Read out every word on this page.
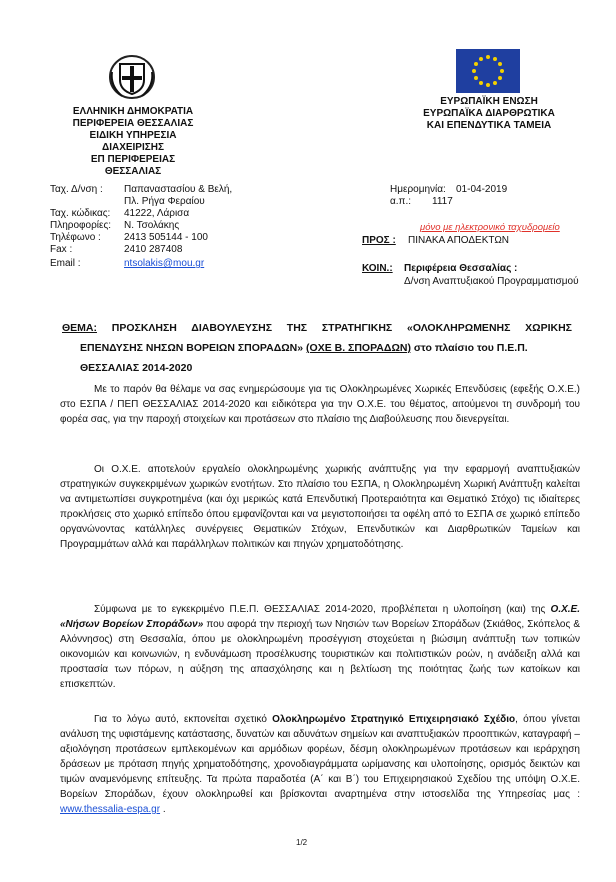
ΕΛΛΗΝΙΚΗ ΔΗΜΟΚΡΑΤΙΑ
ΠΕΡΙΦΕΡΕΙΑ ΘΕΣΣΑΛΙΑΣ
ΕΙΔΙΚΗ ΥΠΗΡΕΣΙΑ ΔΙΑΧΕΙΡΙΣΗΣ
ΕΠ ΠΕΡΙΦΕΡΕΙΑΣ ΘΕΣΣΑΛΙΑΣ
ΕΥΡΩΠΑΪΚΗ ΕΝΩΣΗ
ΕΥΡΩΠΑΪΚΑ ΔΙΑΡΘΡΩΤΙΚΑ
ΚΑΙ ΕΠΕΝΔΥΤΙΚΑ ΤΑΜΕΙΑ
Ταχ. Δ/νση : Παπαναστασίου & Βελή,
Πλ. Ρήγα Φεραίου
Ταχ. κώδικας: 41222, Λάρισα
Πληροφορίες: Ν. Τσολάκης
Τηλέφωνο : 2413 505144 - 100
Fax :	2410 287408
Email :	ntsolakis@mou.gr
Ημερομηνία: 01-04-2019
α.π.: 1117
μόνο με ηλεκτρονικό ταχυδρομείο
ΠΡΟΣ : ΠΙΝΑΚΑ ΑΠΟΔΕΚΤΩΝ
ΚΟΙΝ.: Περιφέρεια Θεσσαλίας :
Δ/νση Αναπτυξιακού Προγραμματισμού
ΘΕΜΑ: ΠΡΟΣΚΛΗΣΗ ΔΙΑΒΟΥΛΕΥΣΗΣ ΤΗΣ ΣΤΡΑΤΗΓΙΚΗΣ «ΟΛΟΚΛΗΡΩΜΕΝΗΣ ΧΩΡΙΚΗΣ
ΕΠΕΝΔΥΣΗΣ ΝΗΣΩΝ ΒΟΡΕΙΩΝ ΣΠΟΡΑΔΩΝ» (ΟΧΕ Β. ΣΠΟΡΑΔΩΝ) στο πλαίσιο του Π.Ε.Π.
ΘΕΣΣΑΛΙΑΣ 2014-2020
Με το παρόν θα θέλαμε να σας ενημερώσουμε για τις Ολοκληρωμένες Χωρικές Επενδύσεις (εφεξής Ο.Χ.Ε.) στο ΕΣΠΑ / ΠΕΠ ΘΕΣΣΑΛΙΑΣ 2014-2020 και ειδικότερα για την Ο.Χ.Ε. του θέματος, αιτούμενοι τη συνδρομή του φορέα σας, για την παροχή στοιχείων και προτάσεων στο πλαίσιο της Διαβούλευσης που διενεργείται.
Οι Ο.Χ.Ε. αποτελούν εργαλείο ολοκληρωμένης χωρικής ανάπτυξης για την εφαρμογή αναπτυξιακών στρατηγικών συγκεκριμένων χωρικών ενοτήτων. Στο πλαίσιο του ΕΣΠΑ, η Ολοκληρωμένη Χωρική Ανάπτυξη καλείται να αντιμετωπίσει συγκροτημένα (και όχι μερικώς κατά Επενδυτική Προτεραιότητα και Θεματικό Στόχο) τις ιδιαίτερες προκλήσεις στο χωρικό επίπεδο όπου εμφανίζονται και να μεγιστοποιήσει τα οφέλη από το ΕΣΠΑ σε χωρικό επίπεδο οργανώνοντας κατάλληλες συνέργειες Θεματικών Στόχων, Επενδυτικών και Διαρθρωτικών Ταμείων και Προγραμμάτων αλλά και παράλληλων πολιτικών και πηγών χρηματοδότησης.
Σύμφωνα με το εγκεκριμένο Π.Ε.Π. ΘΕΣΣΑΛΙΑΣ 2014-2020, προβλέπεται η υλοποίηση (και) της Ο.Χ.Ε. «Νήσων Βορείων Σποράδων» που αφορά την περιοχή των Νησιών των Βορείων Σποράδων (Σκιάθος, Σκόπελος & Αλόννησος) στη Θεσσαλία, όπου με ολοκληρωμένη προσέγγιση στοχεύεται η βιώσιμη ανάπτυξη των τοπικών οικονομιών και κοινωνιών, η ενδυνάμωση προσέλκυσης τουριστικών και πολιτιστικών ροών, η ανάδειξη αλλά και προστασία των πόρων, η αύξηση της απασχόλησης και η βελτίωση της ποιότητας ζωής των κατοίκων και επισκεπτών.
Για το λόγω αυτό, εκπονείται σχετικό Ολοκληρωμένο Στρατηγικό Επιχειρησιακό Σχέδιο, όπου γίνεται ανάλυση της υφιστάμενης κατάστασης, δυνατών και αδυνάτων σημείων και αναπτυξιακών προοπτικών, καταγραφή –αξιολόγηση προτάσεων εμπλεκομένων και αρμόδιων φορέων, δέσμη ολοκληρωμένων προτάσεων και ιεράρχηση δράσεων με πρόταση πηγής χρηματοδότησης, χρονοδιαγράμματα ωρίμανσης και υλοποίησης, ορισμός δεικτών και τιμών αναμενόμενης επίτευξης. Τα πρώτα παραδοτέα (Α΄ και Β΄) του Επιχειρησιακού Σχεδίου της υπόψη Ο.Χ.Ε. Βορείων Σποράδων, έχουν ολοκληρωθεί και βρίσκονται αναρτημένα στην ιστοσελίδα της Υπηρεσίας μας : www.thessalia-espa.gr .
1/2
